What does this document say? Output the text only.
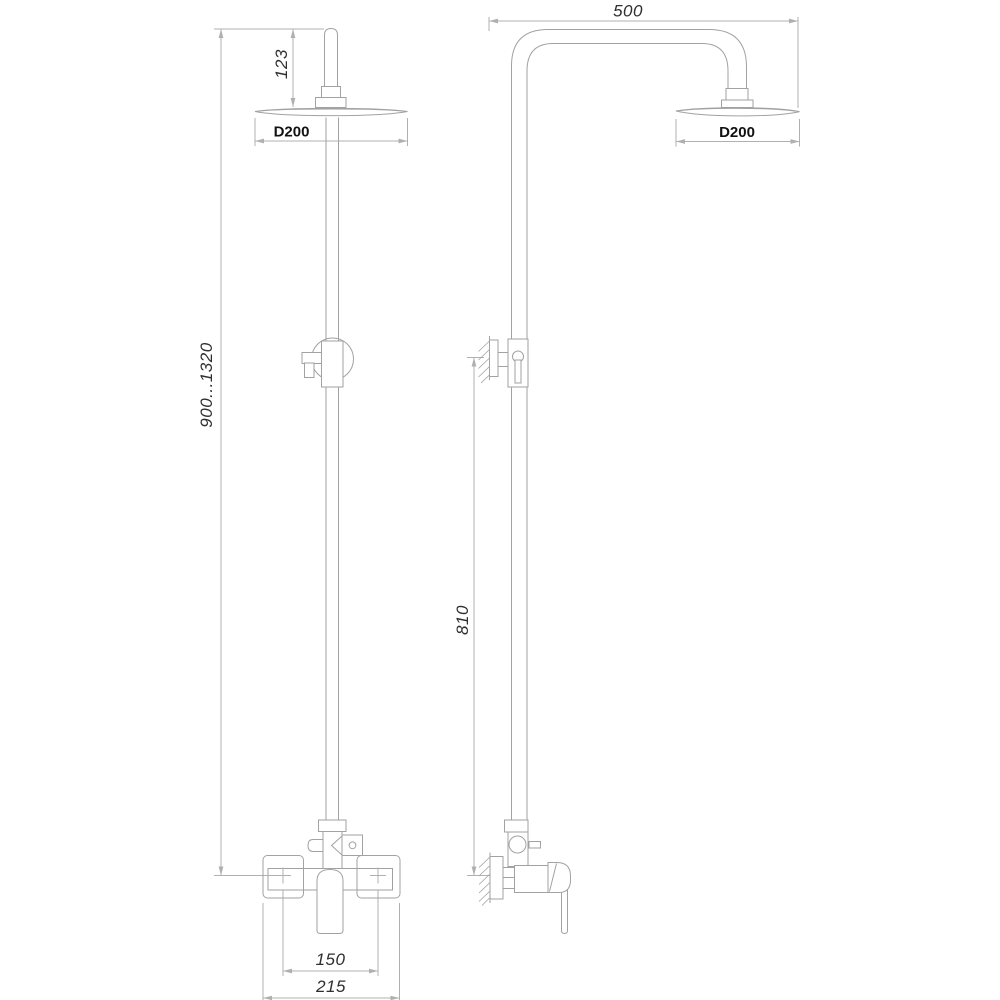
900...1320
123
D200
150
215
500
D200
810
